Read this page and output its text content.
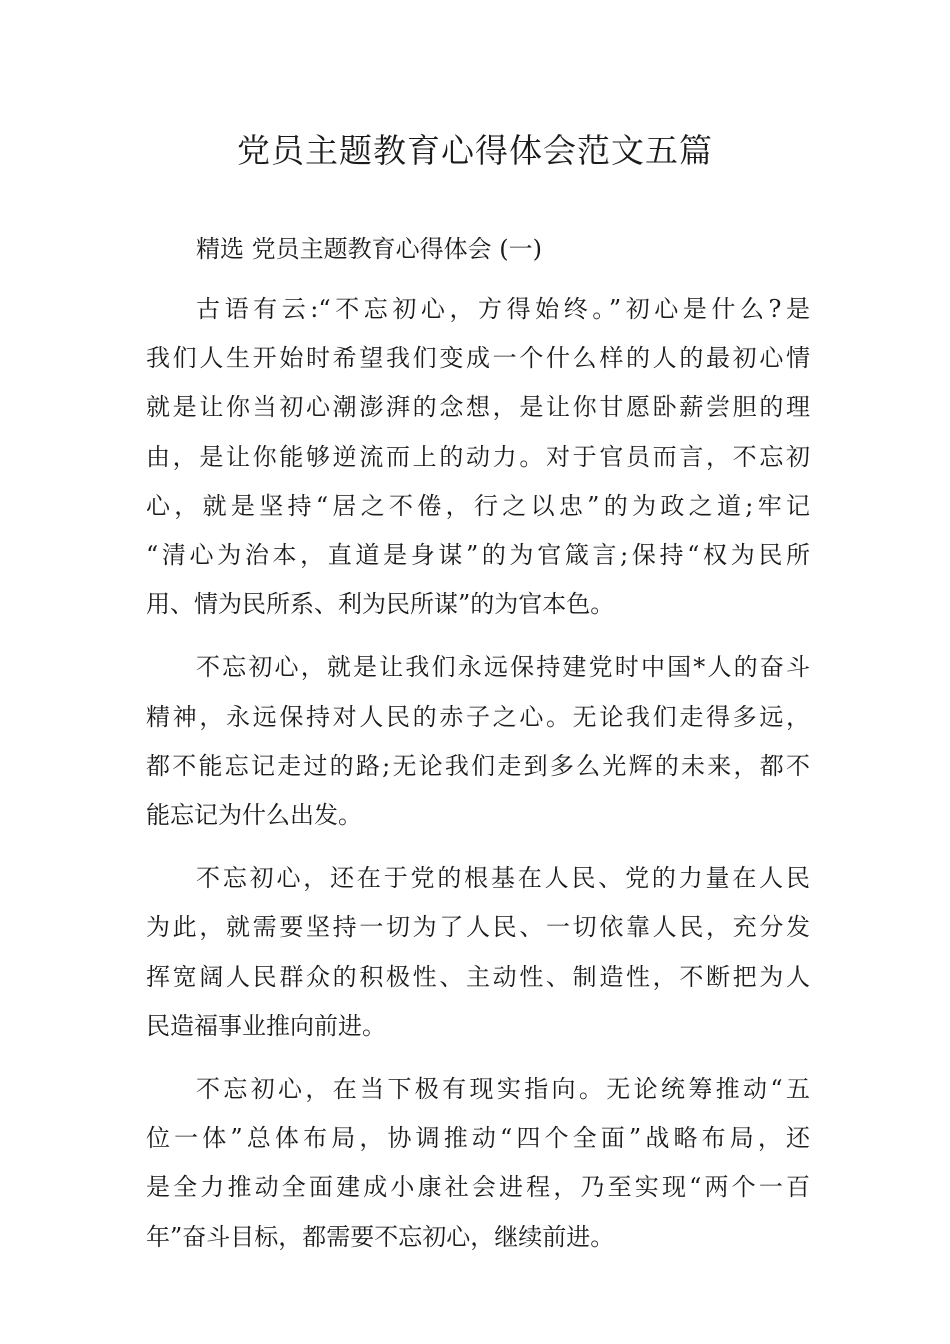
党员主题教育心得体会范文五篇

精选 党员主题教育心得体会 (一)

古语有云:“不忘初心，方得始终。”初心是什么?是
我们人生开始时希望我们变成一个什么样的人的最初心情
就是让你当初心潮澎湃的念想，是让你甘愿卧薪尝胆的理
由，是让你能够逆流而上的动力。对于官员而言，不忘初
心，就是坚持“居之不倦，行之以忠”的为政之道;牢记
“清心为治本，直道是身谋”的为官箴言;保持“权为民所
用、情为民所系、利为民所谋”的为官本色。
不忘初心，就是让我们永远保持建党时中国*人的奋斗
精神，永远保持对人民的赤子之心。无论我们走得多远，
都不能忘记走过的路;无论我们走到多么光辉的未来，都不
能忘记为什么出发。
不忘初心，还在于党的根基在人民、党的力量在人民
为此，就需要坚持一切为了人民、一切依靠人民，充分发
挥宽阔人民群众的积极性、主动性、制造性，不断把为人
民造福事业推向前进。
不忘初心，在当下极有现实指向。无论统筹推动“五
位一体”总体布局，协调推动“四个全面”战略布局，还
是全力推动全面建成小康社会进程，乃至实现“两个一百
年”奋斗目标，都需要不忘初心，继续前进。
